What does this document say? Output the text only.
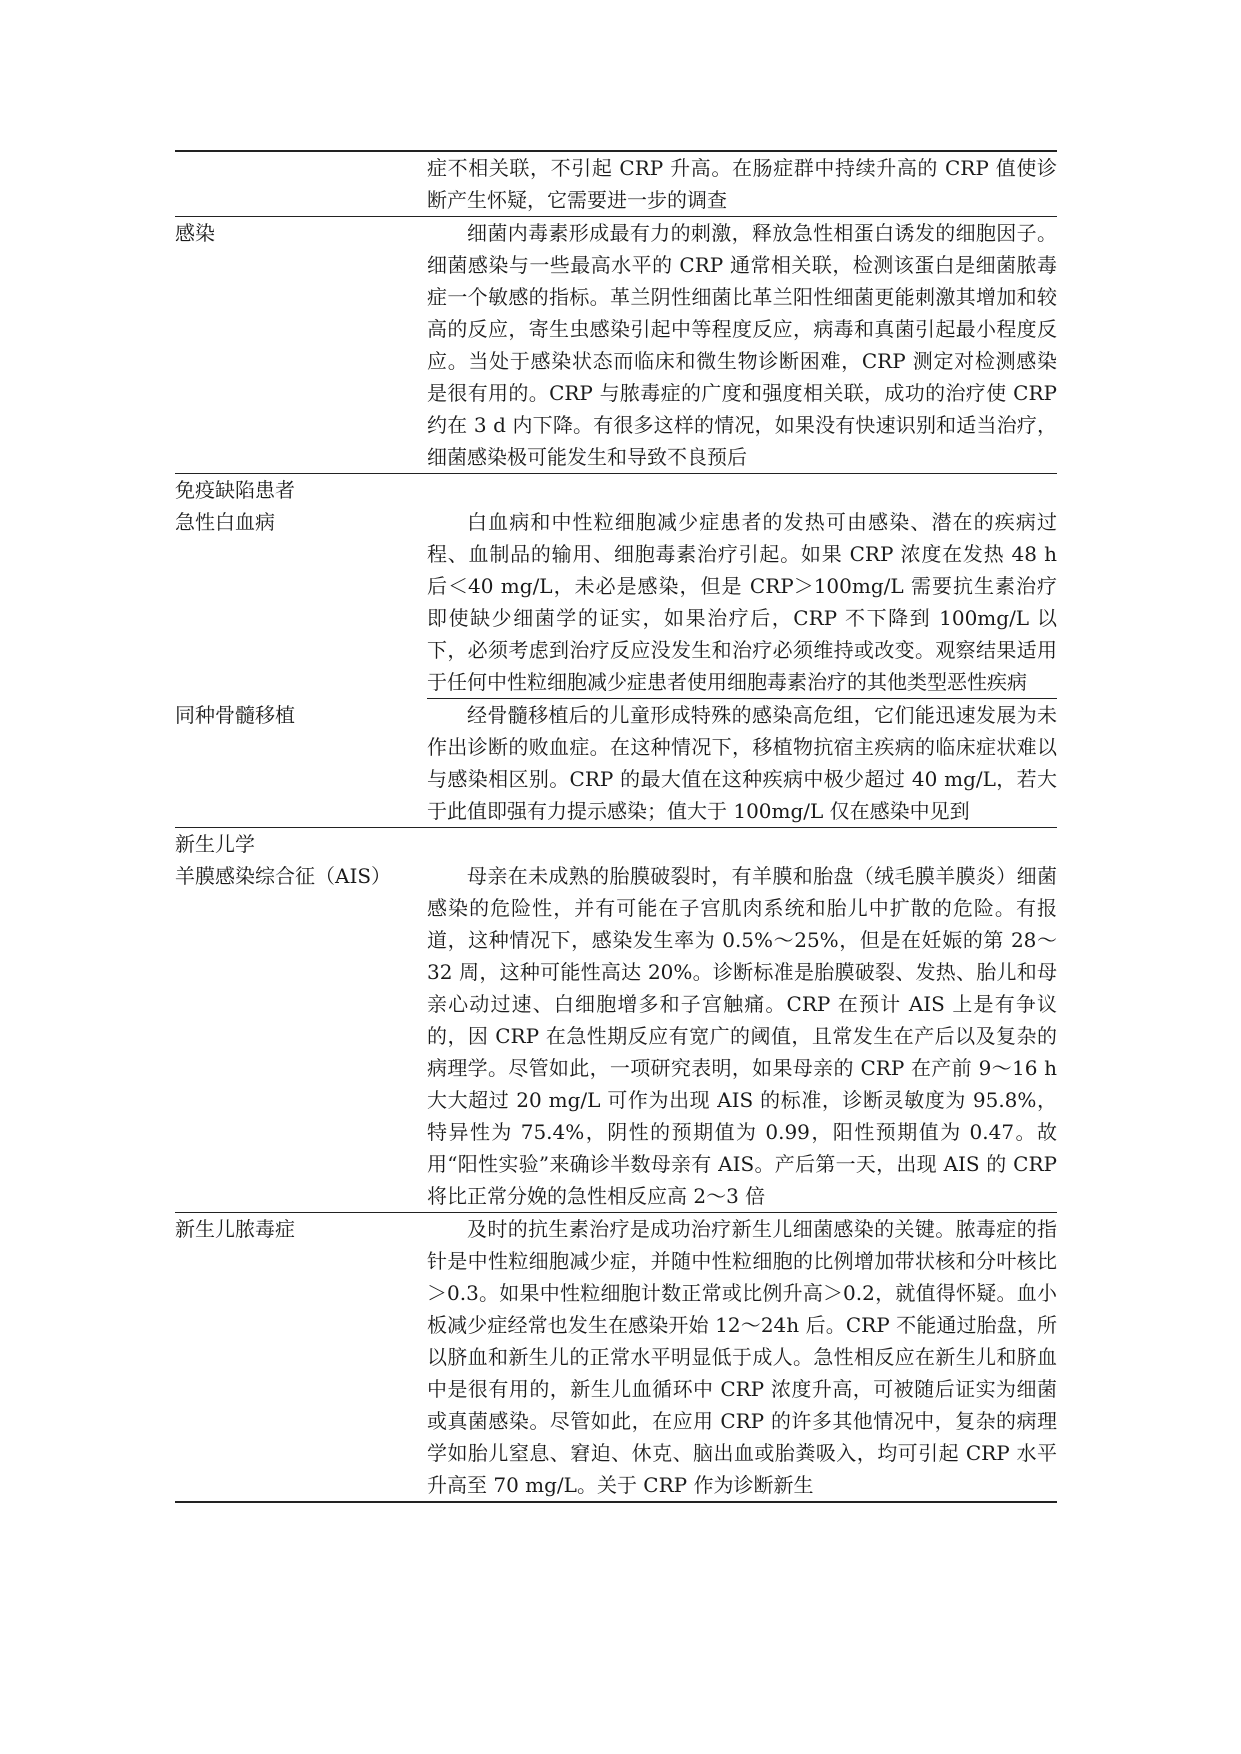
	症不相关联，不引起 CRP 升高。在肠症群中持续升高的 CRP 值使诊断产生怀疑，它需要进一步的调查

感染	细菌内毒素形成最有力的刺激，释放急性相蛋白诱发的细胞因子。细菌感染与一些最高水平的 CRP 通常相关联，检测该蛋白是细菌脓毒症一个敏感的指标。革兰阴性细菌比革兰阳性细菌更能刺激其增加和较高的反应，寄生虫感染引起中等程度反应，病毒和真菌引起最小程度反应。当处于感染状态而临床和微生物诊断困难，CRP 测定对检测感染是很有用的。CRP 与脓毒症的广度和强度相关联，成功的治疗使 CRP 约在 3 d 内下降。有很多这样的情况，如果没有快速识别和适当治疗，细菌感染极可能发生和导致不良预后

免疫缺陷患者
急性白血病	白血病和中性粒细胞减少症患者的发热可由感染、潜在的疾病过程、血制品的输用、细胞毒素治疗引起。如果 CRP 浓度在发热 48 h 后＜40 mg/L，未必是感染，但是 CRP＞100mg/L 需要抗生素治疗即使缺少细菌学的证实，如果治疗后，CRP 不下降到 100mg/L 以下，必须考虑到治疗反应没发生和治疗必须维持或改变。观察结果适用于任何中性粒细胞减少症患者使用细胞毒素治疗的其他类型恶性疾病

同种骨髓移植	经骨髓移植后的儿童形成特殊的感染高危组，它们能迅速发展为未作出诊断的败血症。在这种情况下，移植物抗宿主疾病的临床症状难以与感染相区别。CRP 的最大值在这种疾病中极少超过 40 mg/L，若大于此值即强有力提示感染；值大于 100mg/L 仅在感染中见到

新生儿学
羊膜感染综合征（AIS）	母亲在未成熟的胎膜破裂时，有羊膜和胎盘（绒毛膜羊膜炎）细菌感染的危险性，并有可能在子宫肌肉系统和胎儿中扩散的危险。有报道，这种情况下，感染发生率为 0.5%～25%，但是在妊娠的第 28～32 周，这种可能性高达 20%。诊断标准是胎膜破裂、发热、胎儿和母亲心动过速、白细胞增多和子宫触痛。CRP 在预计 AIS 上是有争议的，因 CRP 在急性期反应有宽广的阈值，且常发生在产后以及复杂的病理学。尽管如此，一项研究表明，如果母亲的 CRP 在产前 9～16 h 大大超过 20 mg/L 可作为出现 AIS 的标准，诊断灵敏度为 95.8%，特异性为 75.4%，阴性的预期值为 0.99，阳性预期值为 0.47。故用“阳性实验”来确诊半数母亲有 AIS。产后第一天，出现 AIS 的 CRP 将比正常分娩的急性相反应高 2～3 倍

新生儿脓毒症	及时的抗生素治疗是成功治疗新生儿细菌感染的关键。脓毒症的指针是中性粒细胞减少症，并随中性粒细胞的比例增加带状核和分叶核比＞0.3。如果中性粒细胞计数正常或比例升高＞0.2，就值得怀疑。血小板减少症经常也发生在感染开始 12～24h 后。CRP 不能通过胎盘，所以脐血和新生儿的正常水平明显低于成人。急性相反应在新生儿和脐血中是很有用的，新生儿血循环中 CRP 浓度升高，可被随后证实为细菌或真菌感染。尽管如此，在应用 CRP 的许多其他情况中，复杂的病理学如胎儿窒息、窘迫、休克、脑出血或胎粪吸入，均可引起 CRP 水平升高至 70 mg/L。关于 CRP 作为诊断新生
